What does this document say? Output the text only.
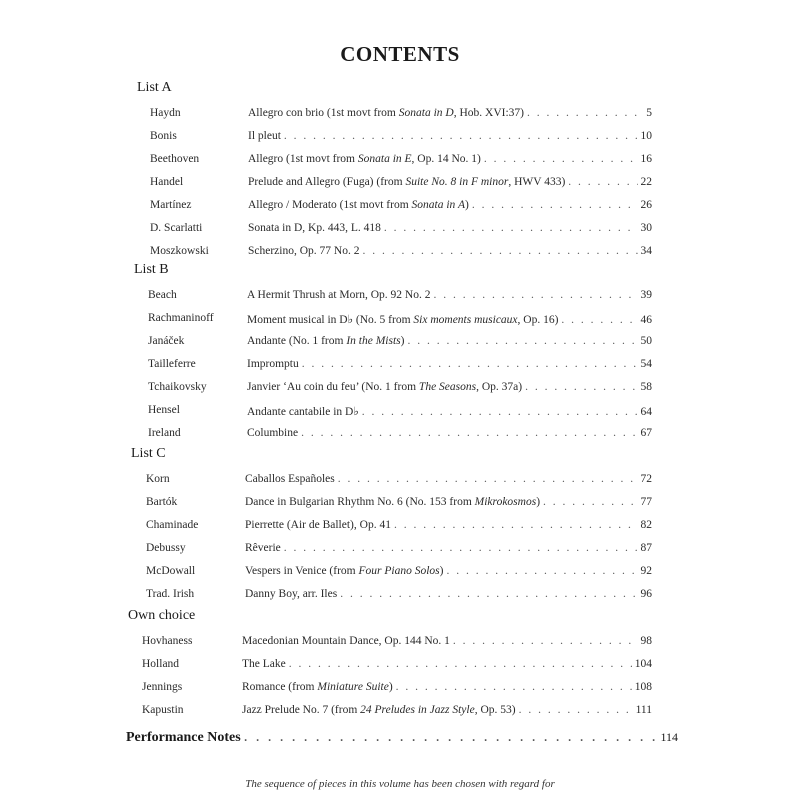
CONTENTS
List A
Haydn	Allegro con brio (1st movt from Sonata in D, Hob. XVI:37) . . .	5
Bonis	Il pleut . . .	10
Beethoven	Allegro (1st movt from Sonata in E, Op. 14 No. 1) . . .	16
Handel	Prelude and Allegro (Fuga) (from Suite No. 8 in F minor, HWV 433) . . .	22
Martínez	Allegro / Moderato (1st movt from Sonata in A) . . .	26
D. Scarlatti	Sonata in D, Kp. 443, L. 418 . . .	30
Moszkowski	Scherzino, Op. 77 No. 2 . . .	34
List B
Beach	A Hermit Thrush at Morn, Op. 92 No. 2 . . .	39
Rachmaninoff	Moment musical in D♭ (No. 5 from Six moments musicaux, Op. 16) . . .	46
Janáček	Andante (No. 1 from In the Mists) . . .	50
Tailleferre	Impromptu . . .	54
Tchaikovsky	Janvier ‘Au coin du feu’ (No. 1 from The Seasons, Op. 37a) . . .	58
Hensel	Andante cantabile in D♭ . . .	64
Ireland	Columbine . . .	67
List C
Korn	Caballos Españoles . . .	72
Bartók	Dance in Bulgarian Rhythm No. 6 (No. 153 from Mikrokosmos) . . .	77
Chaminade	Pierrette (Air de Ballet), Op. 41 . . .	82
Debussy	Rêverie . . .	87
McDowall	Vespers in Venice (from Four Piano Solos) . . .	92
Trad. Irish	Danny Boy, arr. Iles . . .	96
Own choice
Hovhaness	Macedonian Mountain Dance, Op. 144 No. 1 . . .	98
Holland	The Lake . . .	104
Jennings	Romance (from Miniature Suite) . . .	108
Kapustin	Jazz Prelude No. 7 (from 24 Preludes in Jazz Style, Op. 53) . . .	111
Performance Notes . . .	114
The sequence of pieces in this volume has been chosen with regard for
